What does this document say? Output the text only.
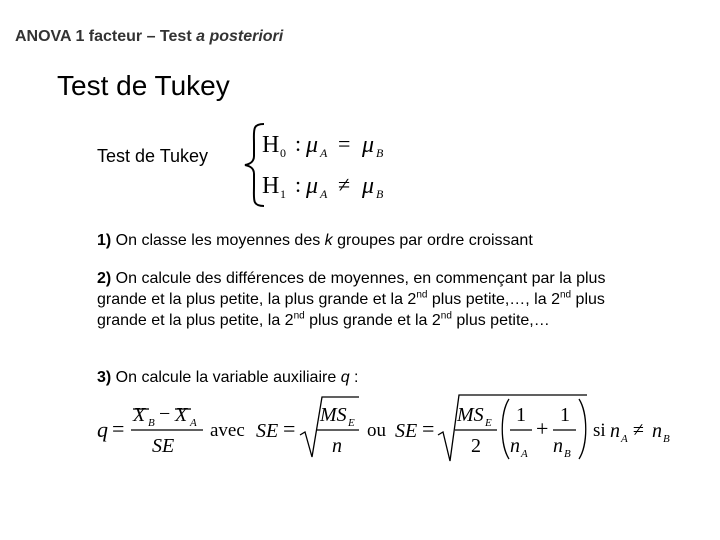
ANOVA 1 facteur – Test a posteriori
Test de Tukey
Test de Tukey H 0 : μ A = μ B
H 1 : μ A ≠ μ B
1) On classe les moyennes des k groupes par ordre croissant
2) On calcule des différences de moyennes, en commençant par la plus grande et la plus petite, la plus grande et la 2nd plus petite,…, la 2nd plus grande et la plus petite, la 2nd plus grande et la 2nd plus petite,…
3) On calcule la variable auxiliaire q :
q =
X B − X A
SE
avec SE =
MS E
n
ou SE =
MS E
2
1
n A
+
1
n B
si n A ≠ n B
